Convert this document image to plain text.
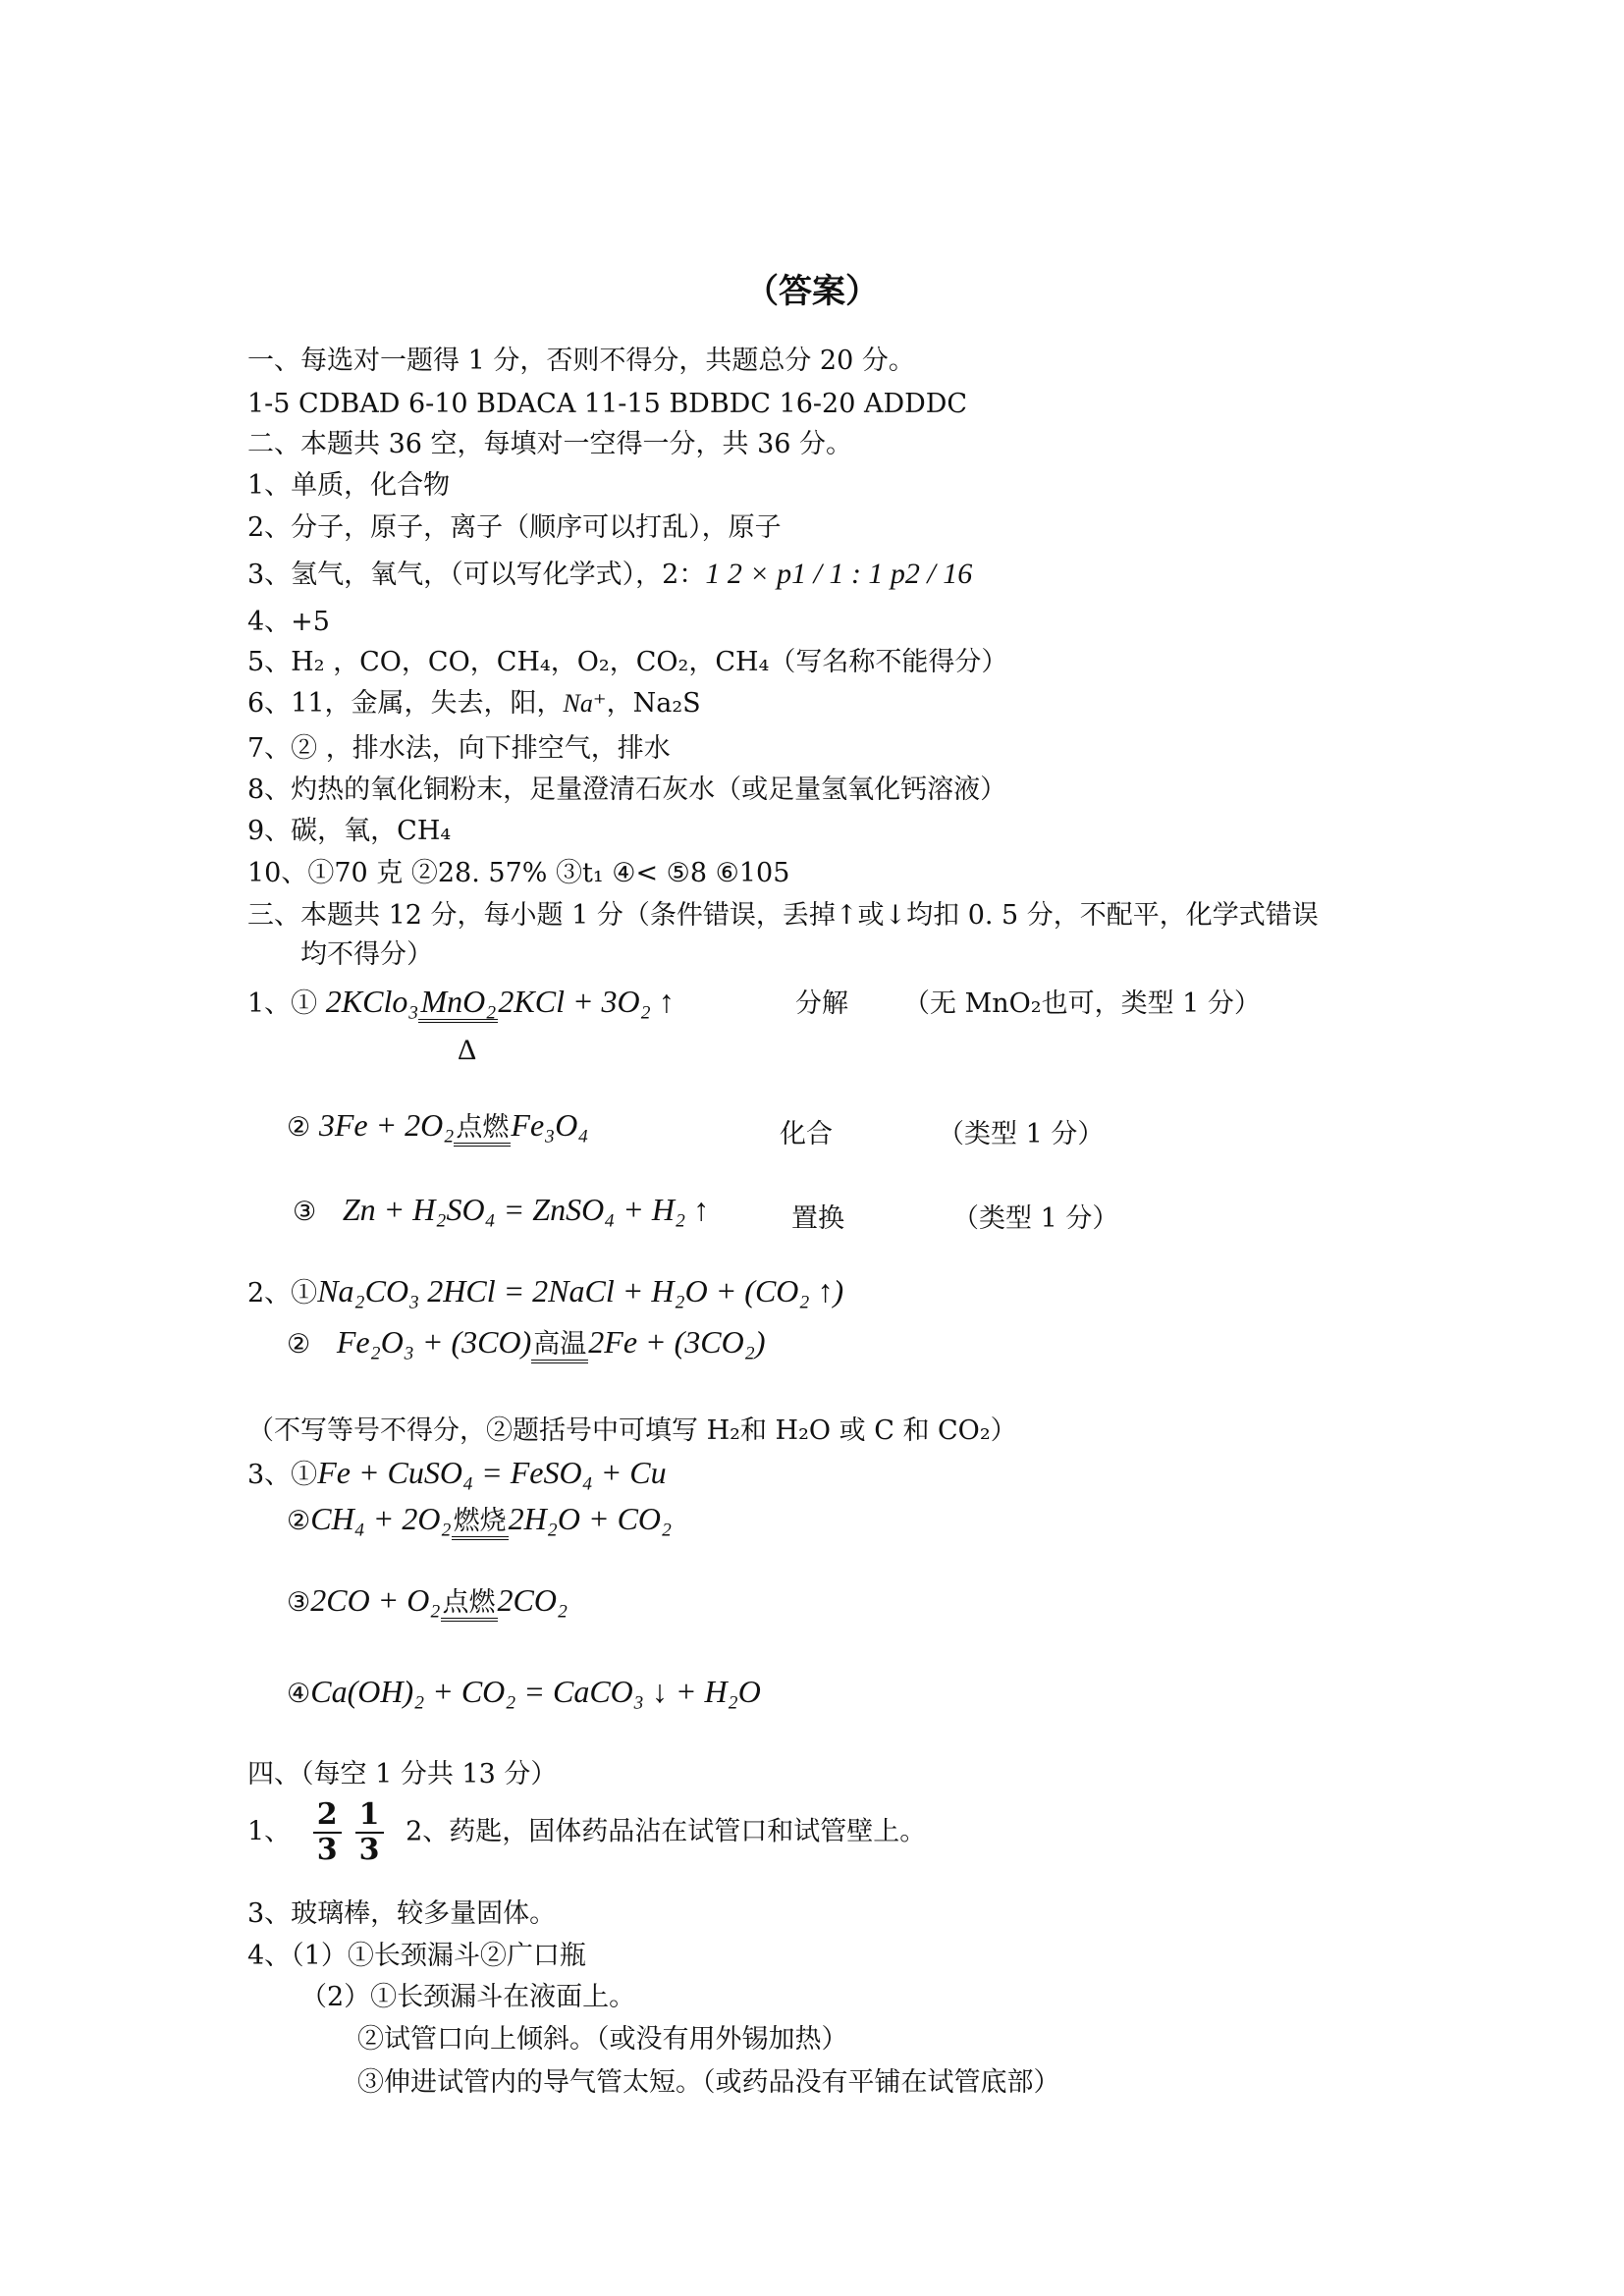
（答案）
一、每选对一题得 1 分，否则不得分，共题总分 20 分。
1-5 CDBAD 6-10 BDACA 11-15 BDBDC 16-20 ADDDC
二、本题共 36 空，每填对一空得一分，共 36 分。
1、单质，化合物
2、分子，原子，离子（顺序可以打乱），原子
3、氢气，氧气，（可以写化学式），2：1 2 × p1 / 1 : 1 p2 / 16
4、+5
5、H₂ ，CO，CO，CH₄，O₂，CO₂，CH₄（写名称不能得分）
6、11，金属，失去，阳，Na⁺，Na₂S
7、② ，排水法，向下排空气，排水
8、灼热的氧化铜粉末，足量澄清石灰水（或足量氢氧化钙溶液）
9、碳，氧，CH₄
10、①70 克 ②28. 57% ③t₁ ④< ⑤8 ⑥105
三、本题共 12 分，每小题 1 分（条件错误，丢掉↑或↓均扣 0. 5 分，不配平，化学式错误
均不得分）
1、① 2KClo₃MnO₂2KCl + 3O₂ ↑	分解 （无 MnO₂也可，类型 1 分）
Δ
② 3Fe + 2O₂点燃Fe₃O₄	化合	（类型 1 分）
③ Zn + H₂SO₄ = ZnSO₄ + H₂ ↑	置换	（类型 1 分）
2、①Na₂CO₃ 2HCl = 2NaCl + H₂O + (CO₂ ↑)
② Fe₂O₃ + (3CO)高温2Fe + (3CO₂)
（不写等号不得分，②题括号中可填写 H₂和 H₂O 或 C 和 CO₂）
3、①Fe + CuSO₄ = FeSO₄ + Cu
②CH₄ + 2O₂燃烧2H₂O + CO₂
③2CO + O₂点燃2CO₂
④Ca(OH)₂ + CO₂ = CaCO₃ ↓ + H₂O
四、（每空 1 分共 13 分）
1、 $\frac{2}{3} \frac{1}{3} 2$、药匙，固体药品沾在试管口和试管壁上。
3、玻璃棒，较多量固体。
4、（1）①长颈漏斗②广口瓶
（2）①长颈漏斗在液面上。
②试管口向上倾斜。（或没有用外锡加热）
③伸进试管内的导气管太短。（或药品没有平铺在试管底部）
